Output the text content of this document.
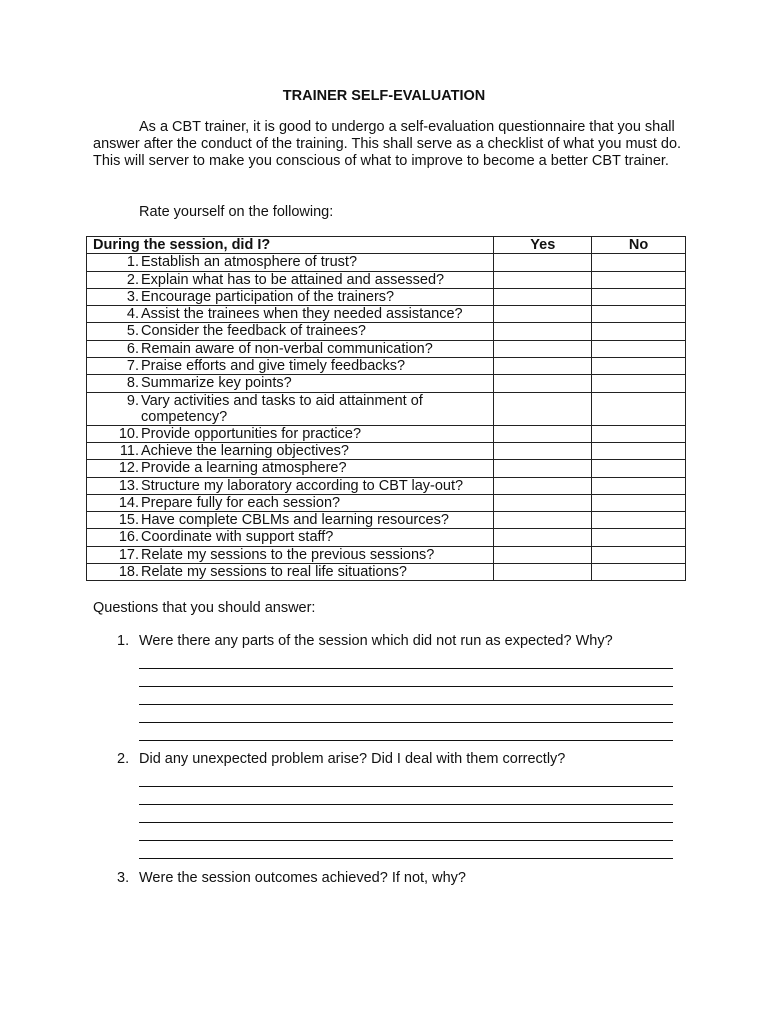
TRAINER SELF-EVALUATION
As a CBT trainer, it is good to undergo a self-evaluation questionnaire that you shall answer after the conduct of the training. This shall serve as a checklist of what you must do. This will server to make you conscious of what to improve to become a better CBT trainer.
Rate yourself on the following:
During the session, did I?	Yes	No

1. Establish an atmosphere of trust?		

2. Explain what has to be attained and assessed?		

3. Encourage participation of the trainers?		

4. Assist the trainees when they needed assistance?		

5. Consider the feedback of trainees?		

6. Remain aware of non-verbal communication?		

7. Praise efforts and give timely feedbacks?		

8. Summarize key points?		

9. Vary activities and tasks to aid attainment of
competency?		

10. Provide opportunities for practice?		

11. Achieve the learning objectives?		

12. Provide a learning atmosphere?		

13. Structure my laboratory according to CBT lay-out?		

14. Prepare fully for each session?		

15. Have complete CBLMs and learning resources?		

16. Coordinate with support staff?		

17. Relate my sessions to the previous sessions?		

18. Relate my sessions to real life situations?		

Questions that you should answer:
1. Were there any parts of the session which did not run as expected? Why?
2. Did any unexpected problem arise? Did I deal with them correctly?
3. Were the session outcomes achieved? If not, why?
